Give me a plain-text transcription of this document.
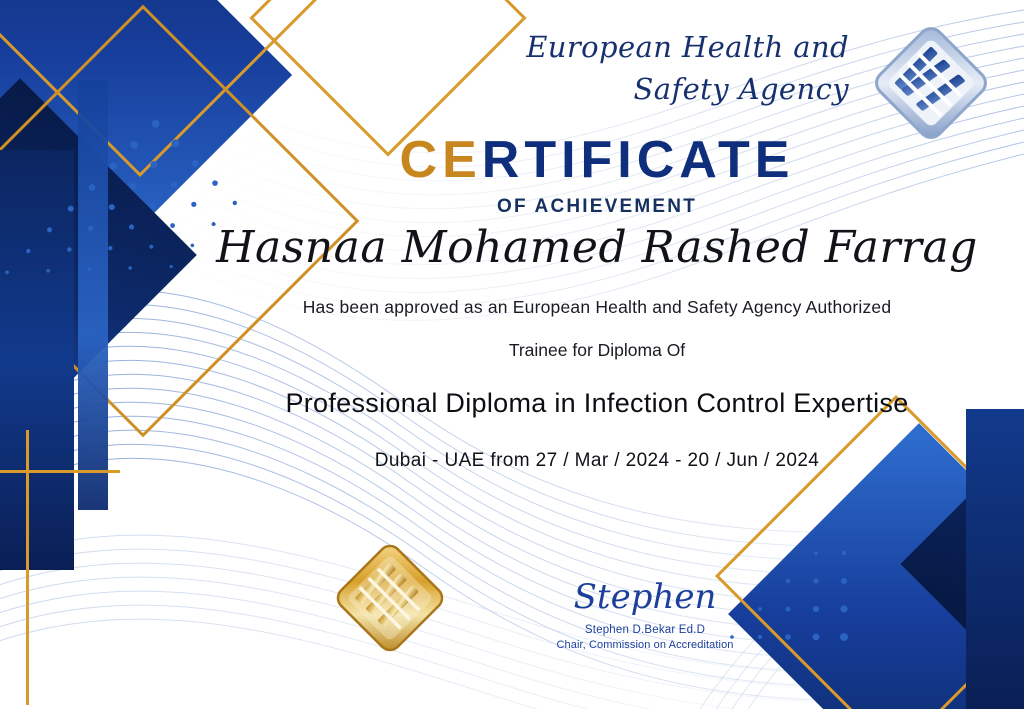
European Health and
Safety Agency
CERTIFICATE
OF ACHIEVEMENT
Hasnaa Mohamed Rashed Farrag
Has been approved as an European Health and Safety Agency Authorized
Trainee for Diploma Of
Professional Diploma in Infection Control Expertise
Dubai - UAE from 27 / Mar / 2024 - 20 / Jun / 2024
Stephen
Stephen D.Bekar Ed.D
Chair, Commission on Accreditation
